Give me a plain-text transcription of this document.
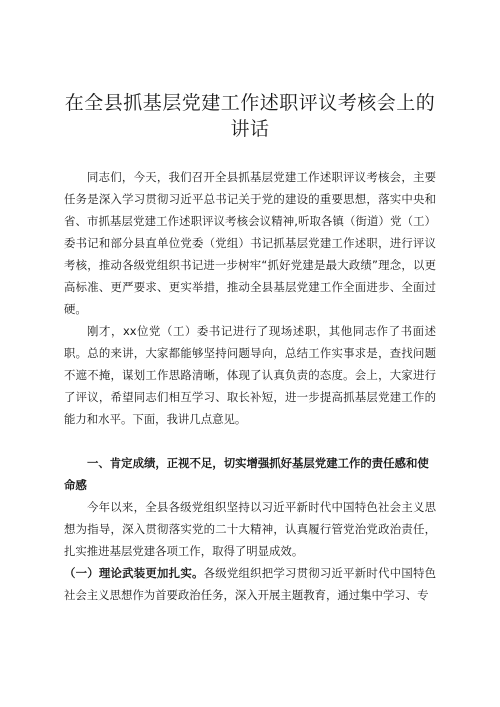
在全县抓基层党建工作述职评议考核会上的讲话

同志们，今天，我们召开全县抓基层党建工作述职评议考核会，主要任务是深入学习贯彻习近平总书记关于党的建设的重要思想，落实中央和省、市抓基层党建工作述职评议考核会议精神,听取各镇（街道）党（工）委书记和部分县直单位党委（党组）书记抓基层党建工作述职，进行评议考核，推动各级党组织书记进一步树牢“抓好党建是最大政绩”理念，以更高标准、更严要求、更实举措，推动全县基层党建工作全面进步、全面过硬。

刚才，xx位党（工）委书记进行了现场述职，其他同志作了书面述职。总的来讲，大家都能够坚持问题导向，总结工作实事求是，查找问题不遮不掩，谋划工作思路清晰，体现了认真负责的态度。会上，大家进行了评议，希望同志们相互学习、取长补短，进一步提高抓基层党建工作的能力和水平。下面，我讲几点意见。

一、肯定成绩，正视不足，切实增强抓好基层党建工作的责任感和使命感

今年以来，全县各级党组织坚持以习近平新时代中国特色社会主义思想为指导，深入贯彻落实党的二十大精神，认真履行管党治党政治责任，扎实推进基层党建各项工作，取得了明显成效。

（一）理论武装更加扎实。各级党组织把学习贯彻习近平新时代中国特色社会主义思想作为首要政治任务，深入开展主题教育，通过集中学习、专
